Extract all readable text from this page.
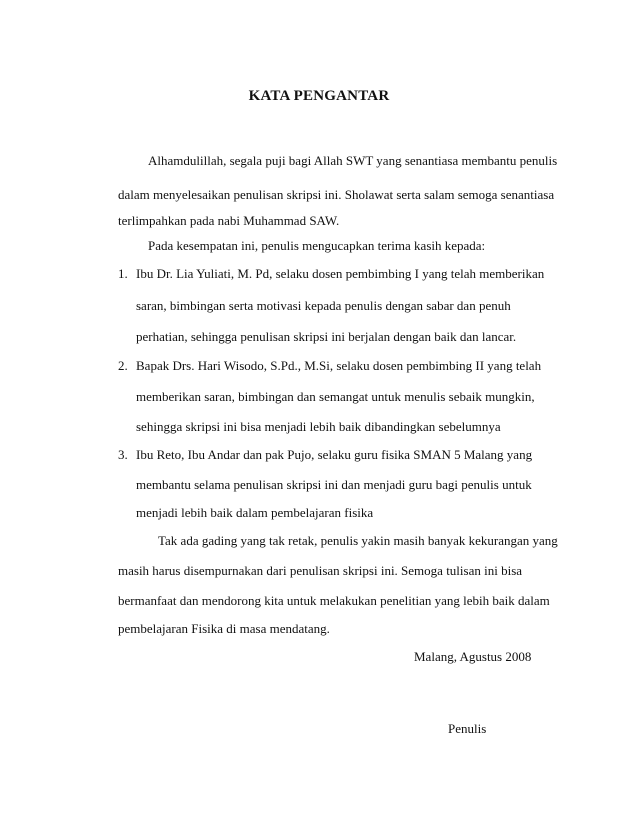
KATA PENGANTAR
Alhamdulillah, segala puji bagi Allah SWT yang senantiasa membantu penulis
dalam menyelesaikan penulisan skripsi ini. Sholawat serta salam semoga senantiasa
terlimpahkan pada nabi Muhammad SAW.
Pada kesempatan ini, penulis mengucapkan terima kasih kepada:
1. Ibu Dr. Lia Yuliati, M. Pd, selaku dosen pembimbing I yang telah memberikan
saran, bimbingan serta motivasi kepada penulis dengan sabar dan penuh
perhatian, sehingga penulisan skripsi ini berjalan dengan baik dan lancar.
2. Bapak Drs. Hari Wisodo, S.Pd., M.Si, selaku dosen pembimbing II yang telah
memberikan saran, bimbingan dan semangat untuk menulis sebaik mungkin,
sehingga skripsi ini bisa menjadi lebih baik dibandingkan sebelumnya
3. Ibu Reto, Ibu Andar dan pak Pujo, selaku guru fisika SMAN 5 Malang yang
membantu selama penulisan skripsi ini dan menjadi guru bagi penulis untuk
menjadi lebih baik dalam pembelajaran fisika
Tak ada gading yang tak retak, penulis yakin masih banyak kekurangan yang
masih harus disempurnakan dari penulisan skripsi ini. Semoga tulisan ini bisa
bermanfaat dan mendorong kita untuk melakukan penelitian yang lebih baik dalam
pembelajaran Fisika di masa mendatang.
Malang, Agustus 2008
Penulis
